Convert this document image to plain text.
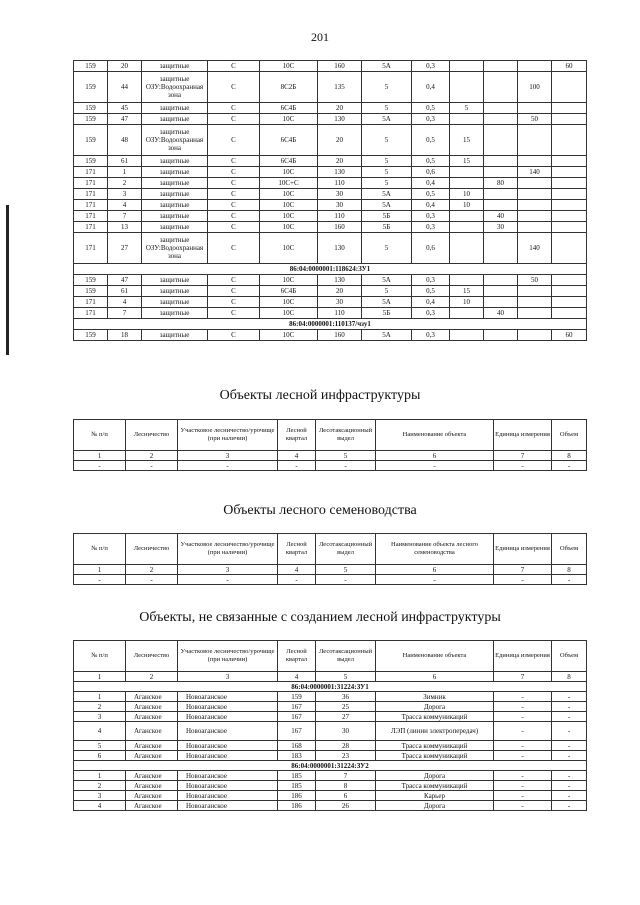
201
159	20	защитные	С	10С	160	5А	0,3				60
159	44	защитные ОЗУ:Водоохранная зона	С	8С2Б	135	5	0,4			100	
159	45	защитные	С	6С4Б	20	5	0,5	5			
159	47	защитные	С	10С	130	5А	0,3			50	
159	48	защитные ОЗУ:Водоохранная зона	С	6С4Б	20	5	0,5	15			
159	61	защитные	С	6С4Б	20	5	0,5	15			
171	1	защитные	С	10С	130	5	0,6			140	
171	2	защитные	С	10С+С	110	5	0,4		80		
171	3	защитные	С	10С	30	5А	0,5	10			
171	4	защитные	С	10С	30	5А	0,4	10			
171	7	защитные	С	10С	110	5Б	0,3		40		
171	13	защитные	С	10С	160	5Б	0,3		30		
171	27	защитные ОЗУ:Водоохранная зона	С	10С	130	5	0,6			140	
86:04:0000001:118624:ЗУ1											
159	47	защитные	С	10С	130	5А	0,3			50	
159	61	защитные	С	6С4Б	20	5	0,5	15			
171	4	защитные	С	10С	30	5А	0,4	10			
171	7	защитные	С	10С	110	5Б	0,3		40		
86:04:0000001:110137/чзу1											
159	18	защитные	С	10С	160	5А	0,3				60
Объекты лесной инфраструктуры
№ п/п	Лесничество	Участковое лесничество/урочище (при наличии)	Лесной квартал	Лесотаксационный выдел	Наименование объекта	Единица измерения	Объем
1	2	3	4	5	6	7	8
-	-	-	-	-	-	-	-
Объекты лесного семеноводства
№ п/п	Лесничество	Участковое лесничество/урочище (при наличии)	Лесной квартал	Лесотаксационный выдел	Наименование объекта лесного семеноводства	Единица измерения	Объем
1	2	3	4	5	6	7	8
-	-	-	-	-	-	-	-
Объекты, не связанные с созданием лесной инфраструктуры
№ п/п	Лесничество	Участковое лесничество/урочище (при наличии)	Лесной квартал	Лесотаксационный выдел	Наименование объекта	Единица измерения	Объем
1	2	3	4	5	6	7	8
86:04:0000001:31224:ЗУ1							
1	Аганское	Новоаганское	159	36	Зимник	-	-
2	Аганское	Новоаганское	167	25	Дорога	-	-
3	Аганское	Новоаганское	167	27	Трасса коммуникаций	-	-
4	Аганское	Новоаганское	167	30	ЛЭП (линии электропередач)	-	-
5	Аганское	Новоаганское	168	28	Трасса коммуникаций	-	-
6	Аганское	Новоаганское	183	23	Трасса коммуникаций	-	-
86:04:0000001:31224:ЗУ2							
1	Аганское	Новоаганское	185	7	Дорога	-	-
2	Аганское	Новоаганское	185	8	Трасса коммуникаций	-	-
3	Аганское	Новоаганское	186	6	Карьер	-	-
4	Аганское	Новоаганское	186	26	Дорога	-	-
